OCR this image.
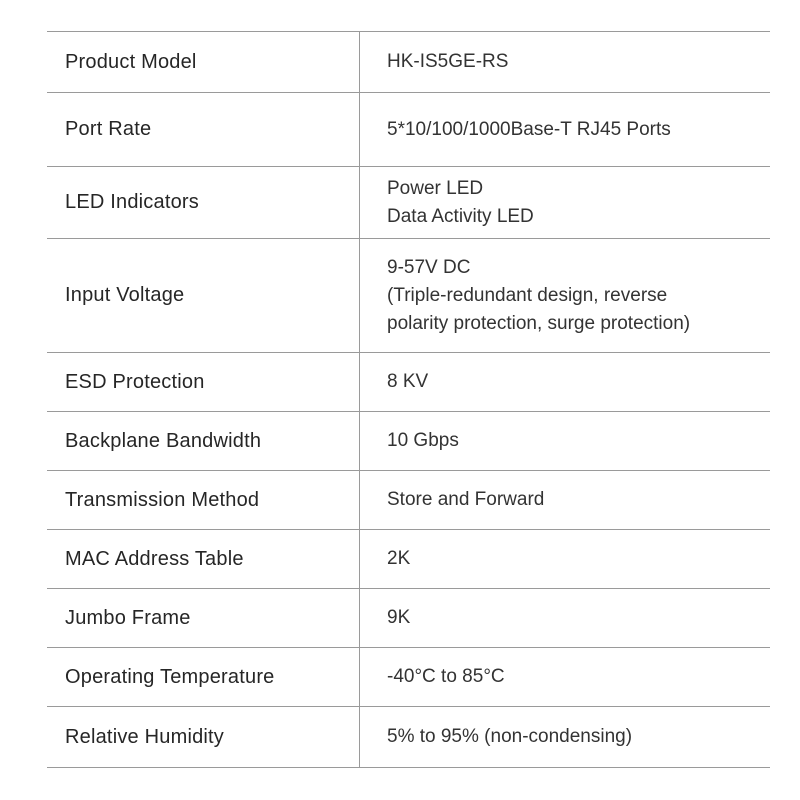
Product Model	HK-IS5GE-RS

Port Rate	5*10/100/1000Base-T RJ45 Ports

LED Indicators	Power LED
Data Activity LED

Input Voltage	9-57V DC
(Triple-redundant design, reverse
polarity protection, surge protection)

ESD Protection	8 KV

Backplane Bandwidth	10 Gbps

Transmission Method	Store and Forward

MAC Address Table	2K

Jumbo Frame	9K

Operating Temperature	-40°C to 85°C

Relative Humidity	5% to 95% (non-condensing)
